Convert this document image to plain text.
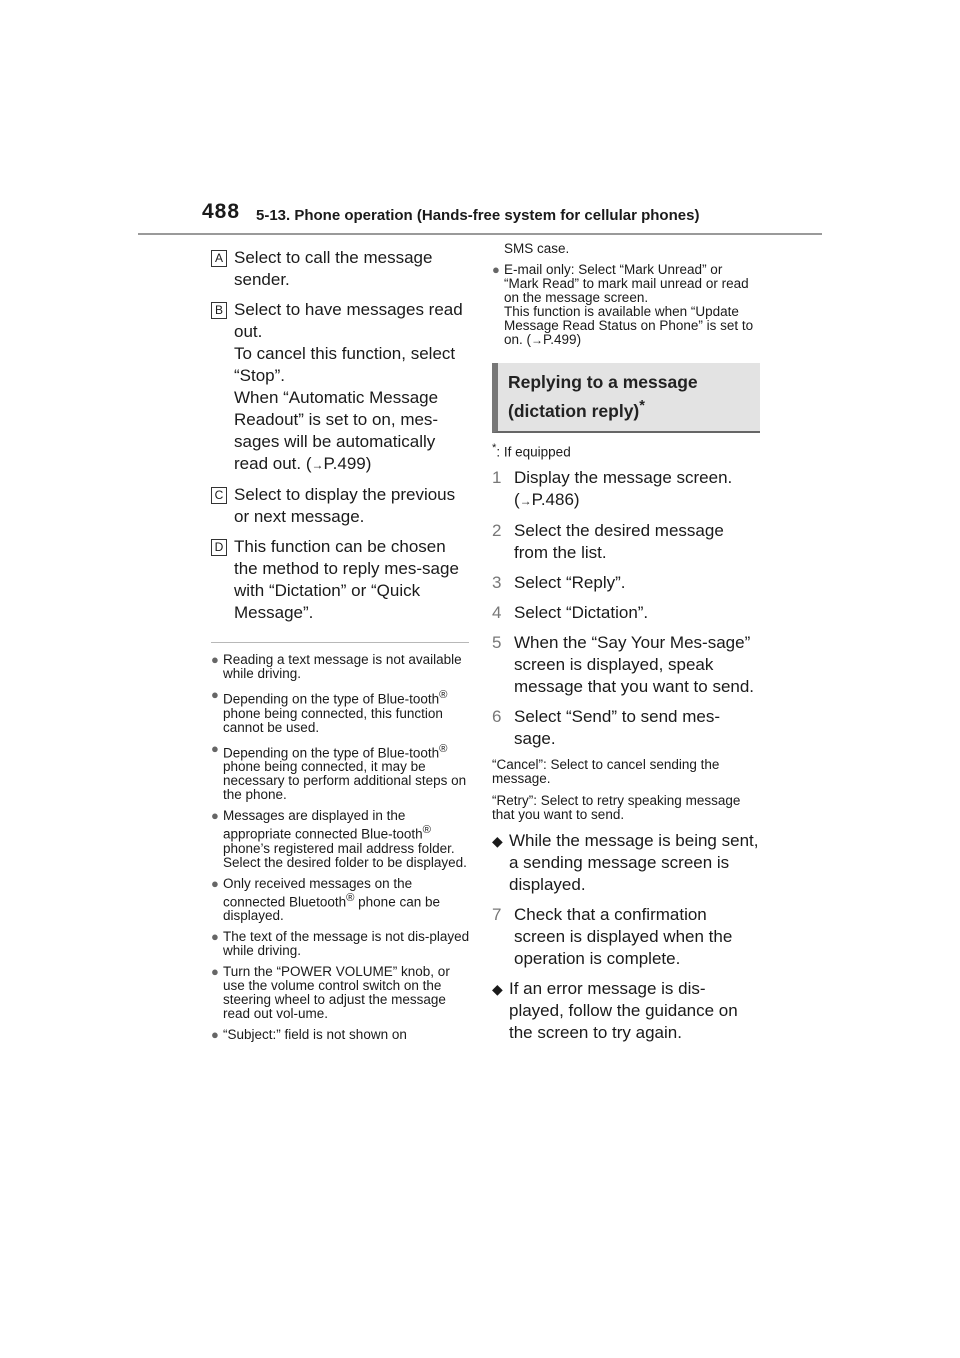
488 5-13. Phone operation (Hands-free system for cellular phones)
A Select to call the message sender.
B Select to have messages read out.
To cancel this function, select “Stop”.
When “Automatic Message Readout” is set to on, mes-sages will be automatically read out. (→P.499)
C Select to display the previous or next message.
D This function can be chosen the method to reply mes-sage with “Dictation” or “Quick Message”.
● Reading a text message is not available while driving.
● Depending on the type of Blue-tooth® phone being connected, this function cannot be used.
● Depending on the type of Blue-tooth® phone being connected, it may be necessary to perform additional steps on the phone.
● Messages are displayed in the appropriate connected Blue-tooth® phone’s registered mail address folder. Select the desired folder to be displayed.
● Only received messages on the connected Bluetooth® phone can be displayed.
● The text of the message is not dis-played while driving.
● Turn the “POWER VOLUME” knob, or use the volume control switch on the steering wheel to adjust the message read out vol-ume.
● “Subject:” field is not shown on
SMS case.
● E-mail only: Select “Mark Unread” or “Mark Read” to mark mail unread or read on the message screen.
This function is available when “Update Message Read Status on Phone” is set to on. (→P.499)
Replying to a message (dictation reply)*
*: If equipped
1 Display the message screen. (→P.486)
2 Select the desired message from the list.
3 Select “Reply”.
4 Select “Dictation”.
5 When the “Say Your Mes-sage” screen is displayed, speak message that you want to send.
6 Select “Send” to send mes-sage.
“Cancel”: Select to cancel sending the message.
“Retry”: Select to retry speaking message that you want to send.
◆ While the message is being sent, a sending message screen is displayed.
7 Check that a confirmation screen is displayed when the operation is complete.
◆ If an error message is dis-played, follow the guidance on the screen to try again.
